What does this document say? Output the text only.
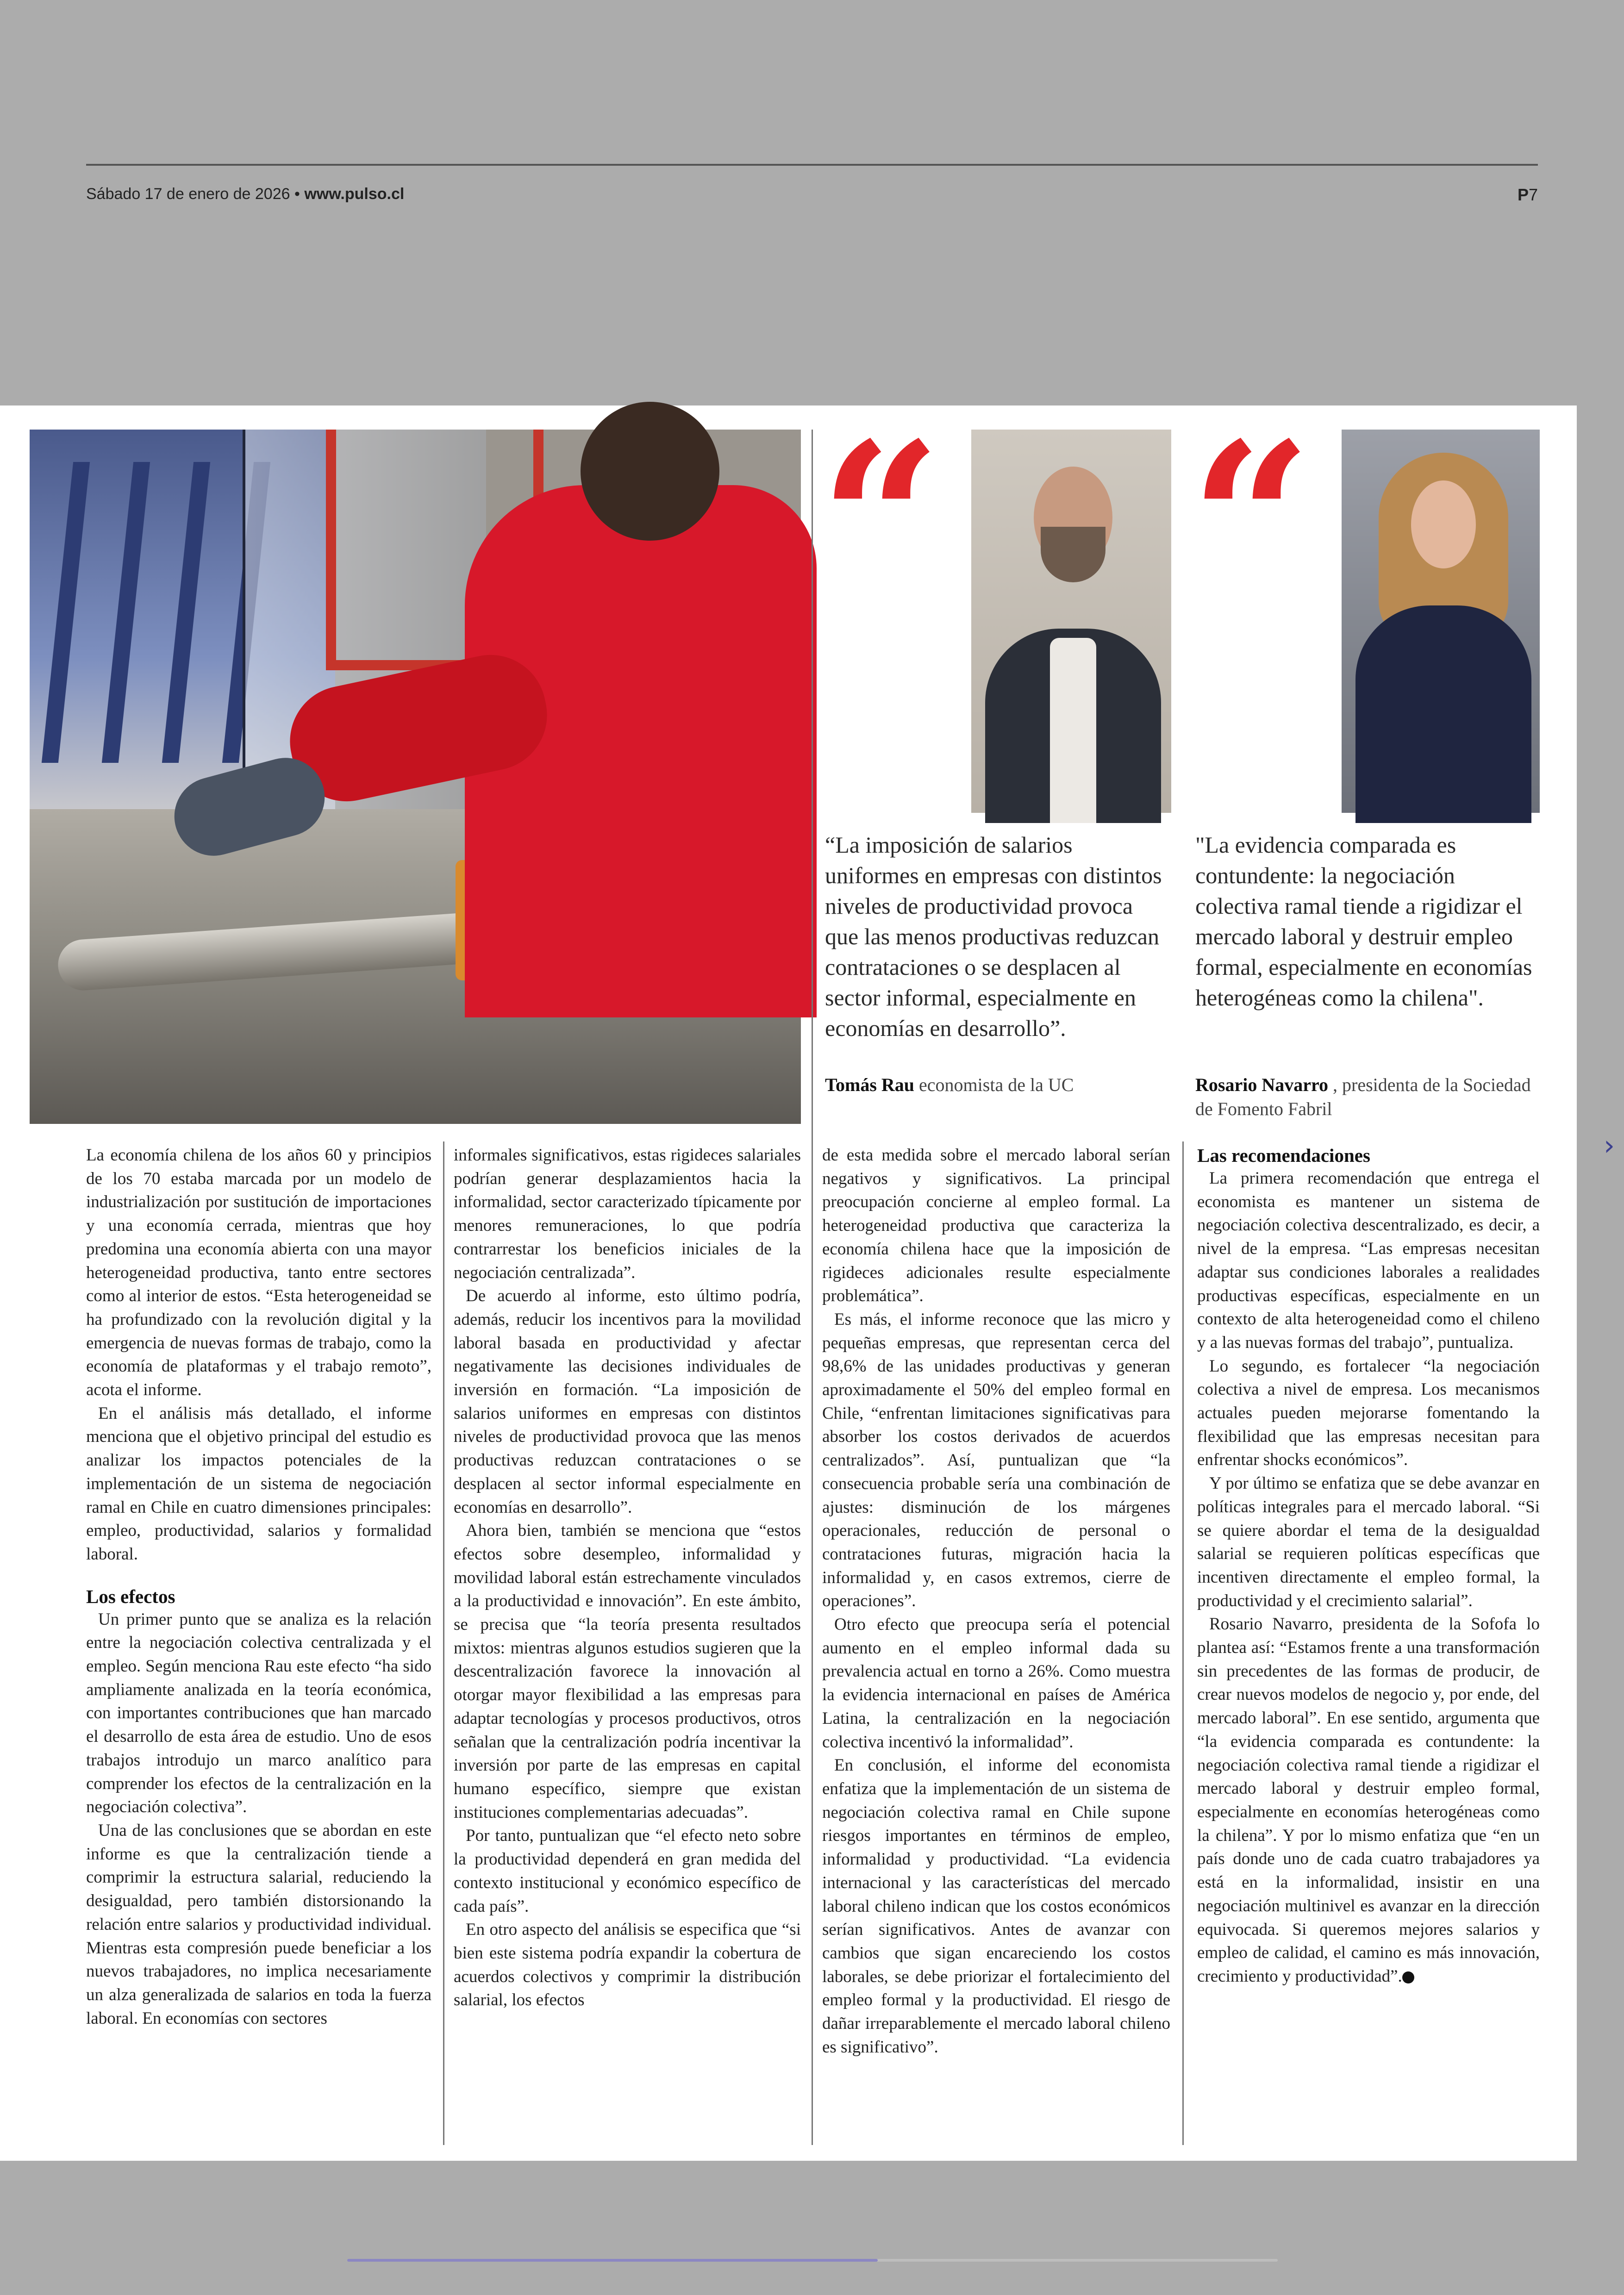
Sábado 17 de enero de 2026 • www.pulso.cl	P7
›
“ “
“La imposición de salarios uniformes en empresas con distintos niveles de productividad provoca que las menos productivas reduzcan contrataciones o se desplacen al sector informal, especialmente en economías en desarrollo”.
Tomás Rau economista de la UC
"La evidencia comparada es contundente: la negociación colectiva ramal tiende a rigidizar el mercado laboral y destruir empleo formal, especialmente en economías heterogéneas como la chilena".
Rosario Navarro , presidenta de la Sociedad de Fomento Fabril

La economía chilena de los años 60 y principios de los 70 estaba marcada por un modelo de industrialización por sustitución de importaciones y una economía cerrada, mientras que hoy predomina una economía abierta con una mayor heterogeneidad productiva, tanto entre sectores como al interior de estos. “Esta heterogeneidad se ha profundizado con la revolución digital y la emergencia de nuevas formas de trabajo, como la economía de plataformas y el trabajo remoto”, acota el informe.

En el análisis más detallado, el informe menciona que el objetivo principal del estudio es analizar los impactos potenciales de la implementación de un sistema de negociación ramal en Chile en cuatro dimensiones principales: empleo, productividad, salarios y formalidad laboral.

Los efectos

Un primer punto que se analiza es la relación entre la negociación colectiva centralizada y el empleo. Según menciona Rau este efecto “ha sido ampliamente analizada en la teoría económica, con importantes contribuciones que han marcado el desarrollo de esta área de estudio. Uno de esos trabajos introdujo un marco analítico para comprender los efectos de la centralización en la negociación colectiva”.

Una de las conclusiones que se abordan en este informe es que la centralización tiende a comprimir la estructura salarial, reduciendo la desigualdad, pero también distorsionando la relación entre salarios y productividad individual. Mientras esta compresión puede beneficiar a los nuevos trabajadores, no implica necesariamente un alza generalizada de salarios en toda la fuerza laboral. En economías con sectores

informales significativos, estas rigideces salariales podrían generar desplazamientos hacia la informalidad, sector caracterizado típicamente por menores remuneraciones, lo que podría contrarrestar los beneficios iniciales de la negociación centralizada”.

De acuerdo al informe, esto último podría, además, reducir los incentivos para la movilidad laboral basada en productividad y afectar negativamente las decisiones individuales de inversión en formación. “La imposición de salarios uniformes en empresas con distintos niveles de productividad provoca que las menos productivas reduzcan contrataciones o se desplacen al sector informal especialmente en economías en desarrollo”.

Ahora bien, también se menciona que “estos efectos sobre desempleo, informalidad y movilidad laboral están estrechamente vinculados a la productividad e innovación”. En este ámbito, se precisa que “la teoría presenta resultados mixtos: mientras algunos estudios sugieren que la descentralización favorece la innovación al otorgar mayor flexibilidad a las empresas para adaptar tecnologías y procesos productivos, otros señalan que la centralización podría incentivar la inversión por parte de las empresas en capital humano específico, siempre que existan instituciones complementarias adecuadas”.

Por tanto, puntualizan que “el efecto neto sobre la productividad dependerá en gran medida del contexto institucional y económico específico de cada país”.

En otro aspecto del análisis se especifica que “si bien este sistema podría expandir la cobertura de acuerdos colectivos y comprimir la distribución salarial, los efectos

de esta medida sobre el mercado laboral serían negativos y significativos. La principal preocupación concierne al empleo formal. La heterogeneidad productiva que caracteriza la economía chilena hace que la imposición de rigideces adicionales resulte especialmente problemática”.

Es más, el informe reconoce que las micro y pequeñas empresas, que representan cerca del 98,6% de las unidades productivas y generan aproximadamente el 50% del empleo formal en Chile, “enfrentan limitaciones significativas para absorber los costos derivados de acuerdos centralizados”. Así, puntualizan que “la consecuencia probable sería una combinación de ajustes: disminución de los márgenes operacionales, reducción de personal o contrataciones futuras, migración hacia la informalidad y, en casos extremos, cierre de operaciones”.

Otro efecto que preocupa sería el potencial aumento en el empleo informal dada su prevalencia actual en torno a 26%. Como muestra la evidencia internacional en países de América Latina, la centralización en la negociación colectiva incentivó la informalidad”.

En conclusión, el informe del economista enfatiza que la implementación de un sistema de negociación colectiva ramal en Chile supone riesgos importantes en términos de empleo, informalidad y productividad. “La evidencia internacional y las características del mercado laboral chileno indican que los costos económicos serían significativos. Antes de avanzar con cambios que sigan encareciendo los costos laborales, se debe priorizar el fortalecimiento del empleo formal y la productividad. El riesgo de dañar irreparablemente el mercado laboral chileno es significativo”.

Las recomendaciones

La primera recomendación que entrega el economista es mantener un sistema de negociación colectiva descentralizado, es decir, a nivel de la empresa. “Las empresas necesitan adaptar sus condiciones laborales a realidades productivas específicas, especialmente en un contexto de alta heterogeneidad como el chileno y a las nuevas formas del trabajo”, puntualiza.

Lo segundo, es fortalecer “la negociación colectiva a nivel de empresa. Los mecanismos actuales pueden mejorarse fomentando la flexibilidad que las empresas necesitan para enfrentar shocks económicos”.

Y por último se enfatiza que se debe avanzar en políticas integrales para el mercado laboral. “Si se quiere abordar el tema de la desigualdad salarial se requieren políticas específicas que incentiven directamente el empleo formal, la productividad y el crecimiento salarial”.

Rosario Navarro, presidenta de la Sofofa lo plantea así: “Estamos frente a una transformación sin precedentes de las formas de producir, de crear nuevos modelos de negocio y, por ende, del mercado laboral”. En ese sentido, argumenta que “la evidencia comparada es contundente: la negociación colectiva ramal tiende a rigidizar el mercado laboral y destruir empleo formal, especialmente en economías heterogéneas como la chilena”. Y por lo mismo enfatiza que “en un país donde uno de cada cuatro trabajadores ya está en la informalidad, insistir en una negociación multinivel es avanzar en la dirección equivocada. Si queremos mejores salarios y empleo de calidad, el camino es más innovación, crecimiento y productividad”. P
